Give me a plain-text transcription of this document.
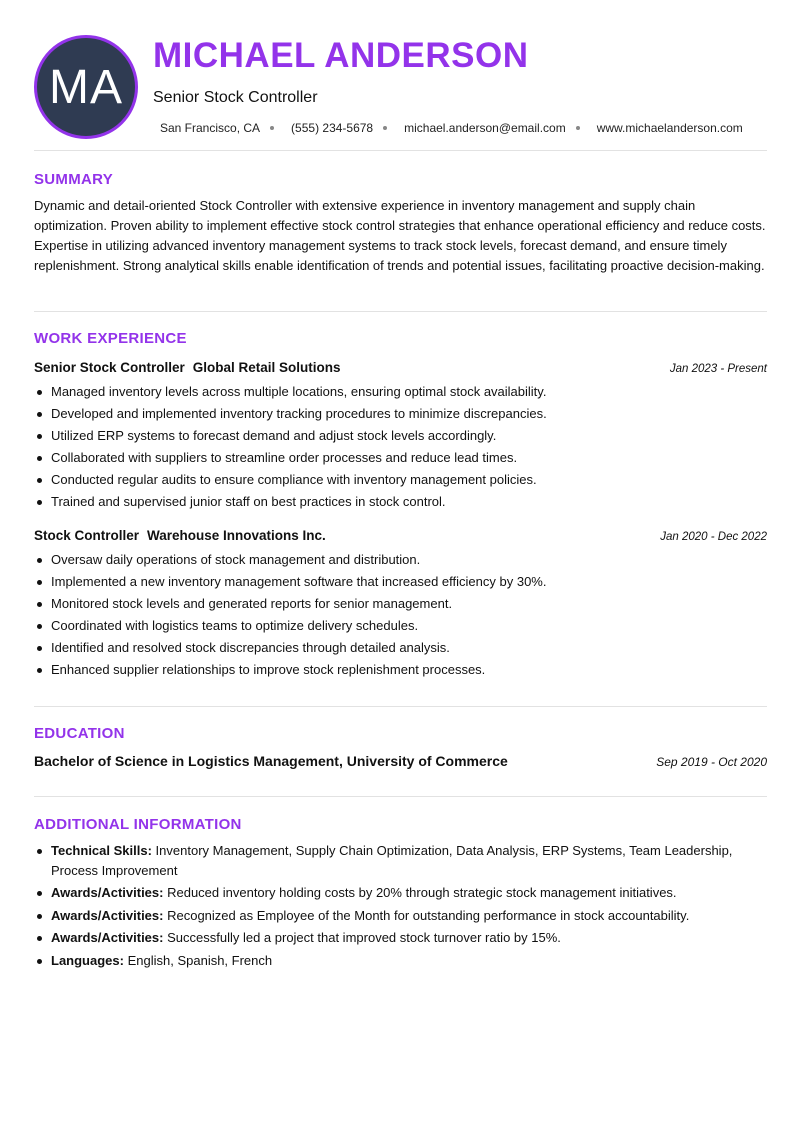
MA
MICHAEL ANDERSON
Senior Stock Controller
San Francisco, CA	(555) 234-5678	michael.anderson@email.com	www.michaelanderson.com
SUMMARY

Dynamic and detail-oriented Stock Controller with extensive experience in inventory management and supply chain optimization. Proven ability to implement effective stock control strategies that enhance operational efficiency and reduce costs. Expertise in utilizing advanced inventory management systems to track stock levels, forecast demand, and ensure timely replenishment. Strong analytical skills enable identification of trends and potential issues, facilitating proactive decision-making.

WORK EXPERIENCE
Senior Stock Controller Global Retail Solutions	Jan 2023 - Present
Managed inventory levels across multiple locations, ensuring optimal stock availability.
Developed and implemented inventory tracking procedures to minimize discrepancies.
Utilized ERP systems to forecast demand and adjust stock levels accordingly.
Collaborated with suppliers to streamline order processes and reduce lead times.
Conducted regular audits to ensure compliance with inventory management policies.
Trained and supervised junior staff on best practices in stock control.
Stock Controller Warehouse Innovations Inc.	Jan 2020 - Dec 2022
Oversaw daily operations of stock management and distribution.
Implemented a new inventory management software that increased efficiency by 30%.
Monitored stock levels and generated reports for senior management.
Coordinated with logistics teams to optimize delivery schedules.
Identified and resolved stock discrepancies through detailed analysis.
Enhanced supplier relationships to improve stock replenishment processes.
EDUCATION
Bachelor of Science in Logistics Management, University of Commerce	Sep 2019 - Oct 2020
ADDITIONAL INFORMATION
Technical Skills: Inventory Management, Supply Chain Optimization, Data Analysis, ERP Systems, Team Leadership, Process Improvement
Awards/Activities: Reduced inventory holding costs by 20% through strategic stock management initiatives.
Awards/Activities: Recognized as Employee of the Month for outstanding performance in stock accountability.
Awards/Activities: Successfully led a project that improved stock turnover ratio by 15%.
Languages: English, Spanish, French
